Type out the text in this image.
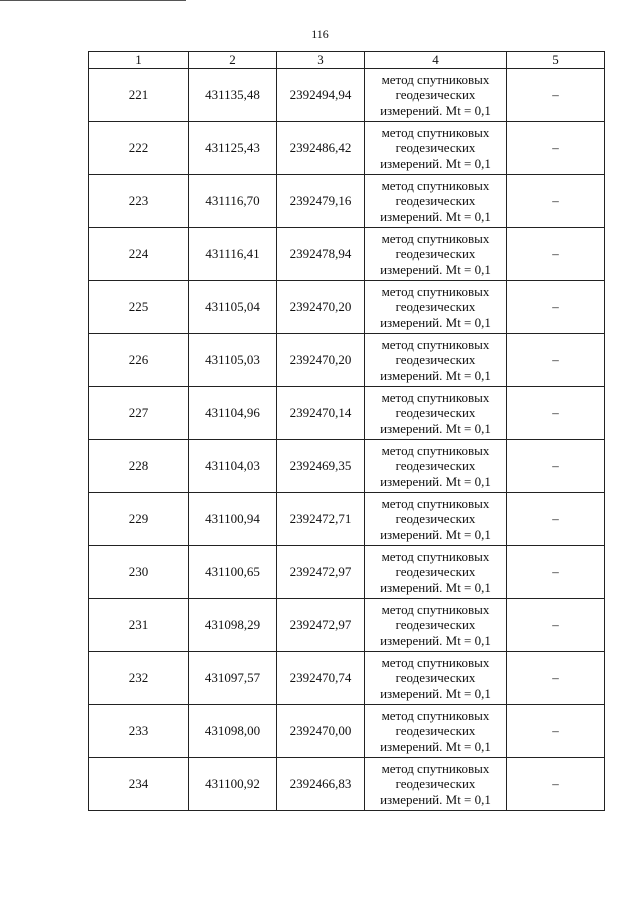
116
1	2	3	4	5
221	431135,48	2392494,94	метод спутниковых
геодезических
измерений. Mt = 0,1	–
222	431125,43	2392486,42	метод спутниковых
геодезических
измерений. Mt = 0,1	–
223	431116,70	2392479,16	метод спутниковых
геодезических
измерений. Mt = 0,1	–
224	431116,41	2392478,94	метод спутниковых
геодезических
измерений. Mt = 0,1	–
225	431105,04	2392470,20	метод спутниковых
геодезических
измерений. Mt = 0,1	–
226	431105,03	2392470,20	метод спутниковых
геодезических
измерений. Mt = 0,1	–
227	431104,96	2392470,14	метод спутниковых
геодезических
измерений. Mt = 0,1	–
228	431104,03	2392469,35	метод спутниковых
геодезических
измерений. Mt = 0,1	–
229	431100,94	2392472,71	метод спутниковых
геодезических
измерений. Mt = 0,1	–
230	431100,65	2392472,97	метод спутниковых
геодезических
измерений. Mt = 0,1	–
231	431098,29	2392472,97	метод спутниковых
геодезических
измерений. Mt = 0,1	–
232	431097,57	2392470,74	метод спутниковых
геодезических
измерений. Mt = 0,1	–
233	431098,00	2392470,00	метод спутниковых
геодезических
измерений. Mt = 0,1	–
234	431100,92	2392466,83	метод спутниковых
геодезических
измерений. Mt = 0,1	–
